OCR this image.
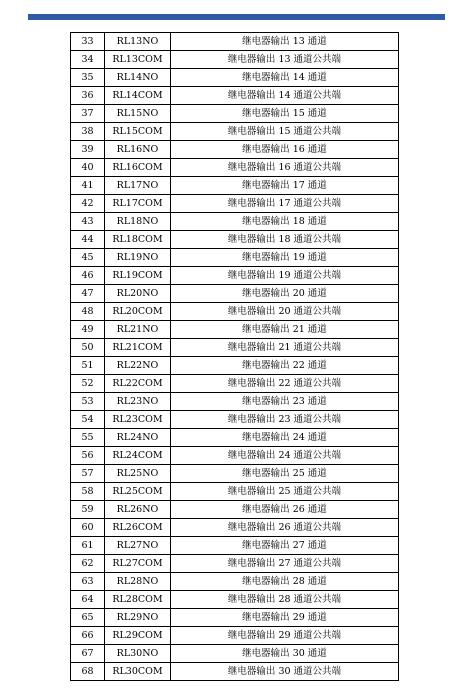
33	RL13NO	继电器输出 13 通道
34	RL13COM	继电器输出 13 通道公共端
35	RL14NO	继电器输出 14 通道
36	RL14COM	继电器输出 14 通道公共端
37	RL15NO	继电器输出 15 通道
38	RL15COM	继电器输出 15 通道公共端
39	RL16NO	继电器输出 16 通道
40	RL16COM	继电器输出 16 通道公共端
41	RL17NO	继电器输出 17 通道
42	RL17COM	继电器输出 17 通道公共端
43	RL18NO	继电器输出 18 通道
44	RL18COM	继电器输出 18 通道公共端
45	RL19NO	继电器输出 19 通道
46	RL19COM	继电器输出 19 通道公共端
47	RL20NO	继电器输出 20 通道
48	RL20COM	继电器输出 20 通道公共端
49	RL21NO	继电器输出 21 通道
50	RL21COM	继电器输出 21 通道公共端
51	RL22NO	继电器输出 22 通道
52	RL22COM	继电器输出 22 通道公共端
53	RL23NO	继电器输出 23 通道
54	RL23COM	继电器输出 23 通道公共端
55	RL24NO	继电器输出 24 通道
56	RL24COM	继电器输出 24 通道公共端
57	RL25NO	继电器输出 25 通道
58	RL25COM	继电器输出 25 通道公共端
59	RL26NO	继电器输出 26 通道
60	RL26COM	继电器输出 26 通道公共端
61	RL27NO	继电器输出 27 通道
62	RL27COM	继电器输出 27 通道公共端
63	RL28NO	继电器输出 28 通道
64	RL28COM	继电器输出 28 通道公共端
65	RL29NO	继电器输出 29 通道
66	RL29COM	继电器输出 29 通道公共端
67	RL30NO	继电器输出 30 通道
68	RL30COM	继电器输出 30 通道公共端
